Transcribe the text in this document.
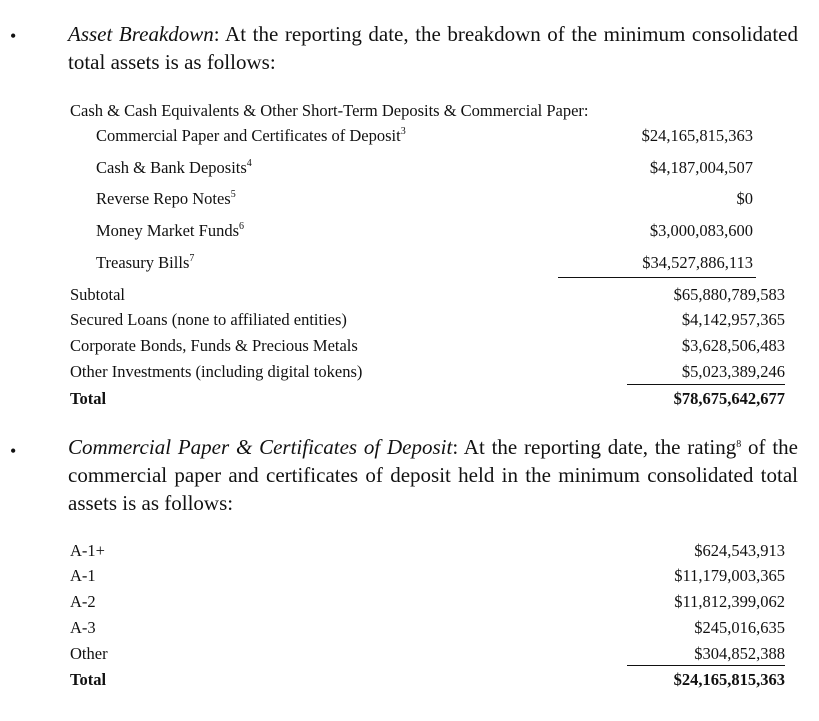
• Asset Breakdown: At the reporting date, the breakdown of the minimum consolidated total assets is as follows:
Cash & Cash Equivalents & Other Short-Term Deposits & Commercial Paper:
Commercial Paper and Certificates of Deposit$^3$	$24,165,815,363
Cash & Bank Deposits$^4$	$4,187,004,507
Reverse Repo Notes$^5$	$0
Money Market Funds$^6$	$3,000,083,600
Treasury Bills$^7$	$34,527,886,113
Subtotal	$65,880,789,583
Secured Loans (none to affiliated entities)	$4,142,957,365
Corporate Bonds, Funds & Precious Metals	$3,628,506,483
Other Investments (including digital tokens)	$5,023,389,246
Total	$78,675,642,677
• Commercial Paper & Certificates of Deposit: At the reporting date, the rating$^8$ of the commercial paper and certificates of deposit held in the minimum consolidated total assets is as follows:
A-1+	$624,543,913
A-1	$11,179,003,365
A-2	$11,812,399,062
A-3	$245,016,635
Other	$304,852,388
Total	$24,165,815,363
